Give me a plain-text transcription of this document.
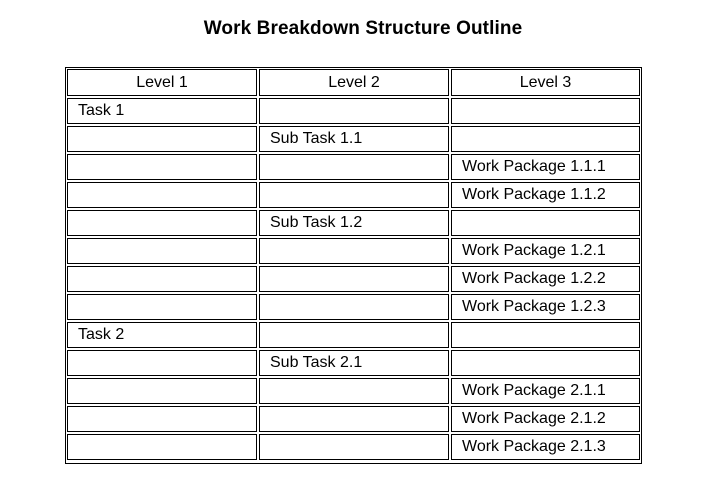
Work Breakdown Structure Outline
Level 1	Level 2	Level 3
Task 1		
	Sub Task 1.1	
		Work Package 1.1.1
		Work Package 1.1.2
	Sub Task 1.2	
		Work Package 1.2.1
		Work Package 1.2.2
		Work Package 1.2.3
Task 2		
	Sub Task 2.1	
		Work Package 2.1.1
		Work Package 2.1.2
		Work Package 2.1.3
